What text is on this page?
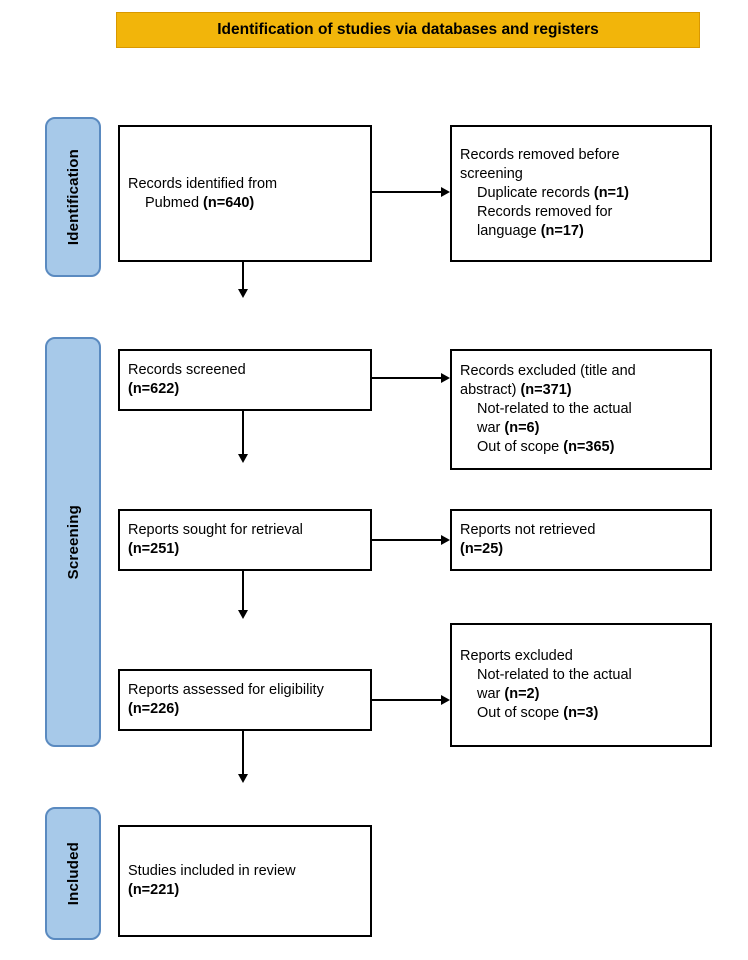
Identification of studies via databases and registers
Identification
Screening
Included
Records identified from
Pubmed (n=640)
Records removed before
screening
Duplicate records (n=1)
Records removed for
language (n=17)
Records screened
(n=622)
Records excluded (title and
abstract) (n=371)
Not-related to the actual
war (n=6)
Out of scope (n=365)
Reports sought for retrieval
(n=251)
Reports not retrieved
(n=25)
Reports assessed for eligibility
(n=226)
Reports excluded
Not-related to the actual
war (n=2)
Out of scope (n=3)
Studies included in review
(n=221)
